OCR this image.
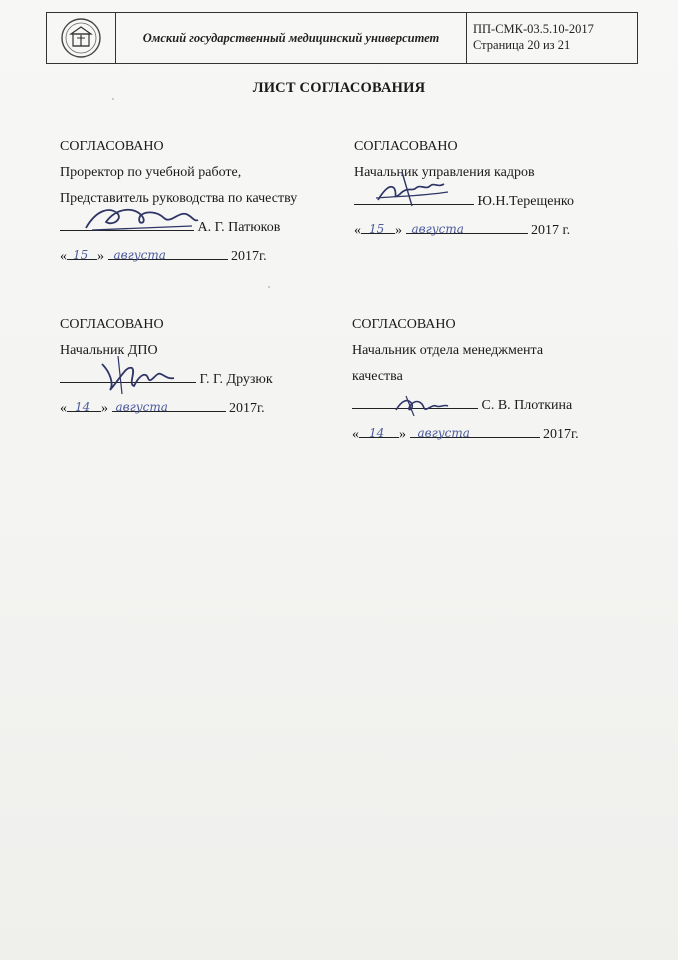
Омский государственный медицинский университет
ПП-СМК-03.5.10-2017
Страница 20 из 21
ЛИСТ СОГЛАСОВАНИЯ
СОГЛАСОВАНО
Проректор по учебной работе,
Представитель руководства по качеству
А. Г. Патюков
« 15 » августа	2017г.
СОГЛАСОВАНО
Начальник управления кадров
Ю.Н.Терещенко
« 15 » августа	2017 г.
СОГЛАСОВАНО
Начальник ДПО
Г. Г. Друзюк
« 14 » августа	2017г.
СОГЛАСОВАНО
Начальник отдела менеджмента
качества
С. В. Плоткина
« 14 » августа	2017г.
